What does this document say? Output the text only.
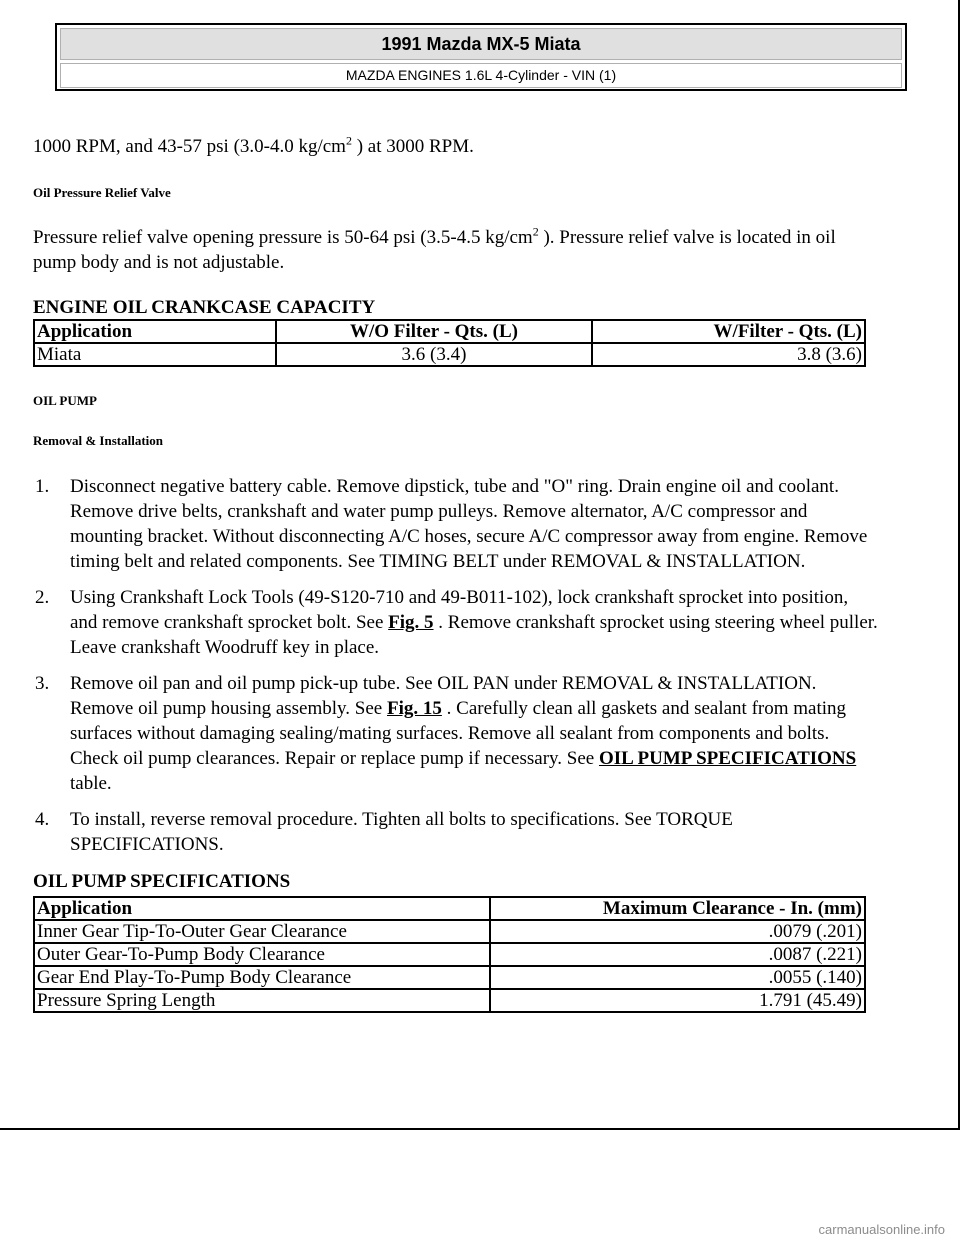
1991 Mazda MX-5 Miata
MAZDA ENGINES 1.6L 4-Cylinder - VIN (1)

1000 RPM, and 43-57 psi (3.0-4.0 $kg/cm^2$ ) at 3000 RPM.

Oil Pressure Relief Valve

Pressure relief valve opening pressure is 50-64 psi (3.5-4.5 $kg/cm^2$ ). Pressure relief valve is located in oil pump body and is not adjustable.

ENGINE OIL CRANKCASE CAPACITY

Application	W/O Filter - Qts. (L)	W/Filter - Qts. (L)
Miata	3.6 (3.4)	3.8 (3.6)

OIL PUMP

Removal & Installation

1. Disconnect negative battery cable. Remove dipstick, tube and "O" ring. Drain engine oil and coolant. Remove drive belts, crankshaft and water pump pulleys. Remove alternator, A/C compressor and mounting bracket. Without disconnecting A/C hoses, secure A/C compressor away from engine. Remove timing belt and related components. See TIMING BELT under REMOVAL & INSTALLATION.
2. Using Crankshaft Lock Tools (49-S120-710 and 49-B011-102), lock crankshaft sprocket into position, and remove crankshaft sprocket bolt. See Fig. 5 . Remove crankshaft sprocket using steering wheel puller. Leave crankshaft Woodruff key in place.
3. Remove oil pan and oil pump pick-up tube. See OIL PAN under REMOVAL & INSTALLATION. Remove oil pump housing assembly. See Fig. 15 . Carefully clean all gaskets and sealant from mating surfaces without damaging sealing/mating surfaces. Remove all sealant from components and bolts. Check oil pump clearances. Repair or replace pump if necessary. See OIL PUMP SPECIFICATIONS table.
4. To install, reverse removal procedure. Tighten all bolts to specifications. See TORQUE SPECIFICATIONS.

OIL PUMP SPECIFICATIONS

Application	Maximum Clearance - In. (mm)
Inner Gear Tip-To-Outer Gear Clearance	.0079 (.201)
Outer Gear-To-Pump Body Clearance	.0087 (.221)
Gear End Play-To-Pump Body Clearance	.0055 (.140)
Pressure Spring Length	1.791 (45.49)
carmanualsonline.info
